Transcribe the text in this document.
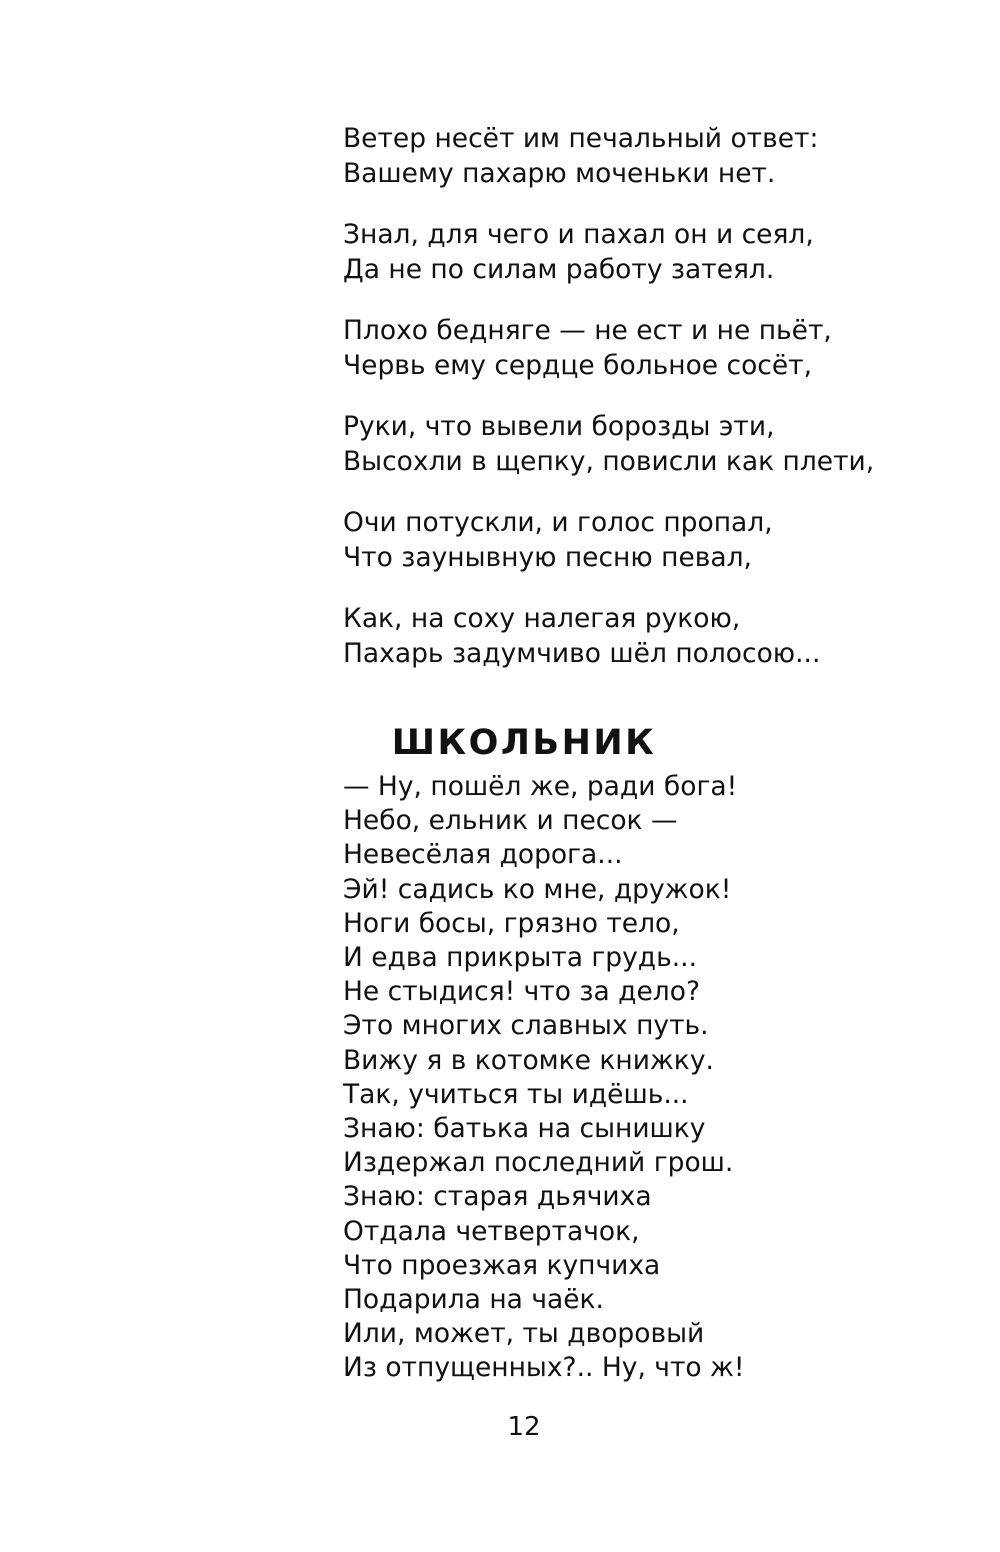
Ветер несёт им печальный ответ:
Вашему пахарю моченьки нет.
Знал, для чего и пахал он и сеял,
Да не по силам работу затеял.
Плохо бедняге — не ест и не пьёт,
Червь ему сердце больное сосёт,
Руки, что вывели борозды эти,
Высохли в щепку, повисли как плети,
Очи потускли, и голос пропал,
Что заунывную песню певал,
Как, на соху налегая рукою,
Пахарь задумчиво шёл полосою...
ШКОЛЬНИК
— Ну, пошёл же, ради бога!
Небо, ельник и песок —
Невесёлая дорога...
Эй! садись ко мне, дружок!
Ноги босы, грязно тело,
И едва прикрыта грудь...
Не стыдися! что за дело?
Это многих славных путь.
Вижу я в котомке книжку.
Так, учиться ты идёшь...
Знаю: батька на сынишку
Издержал последний грош.
Знаю: старая дьячиха
Отдала четвертачок,
Что проезжая купчиха
Подарила на чаёк.
Или, может, ты дворовый
Из отпущенных?.. Ну, что ж!
12
